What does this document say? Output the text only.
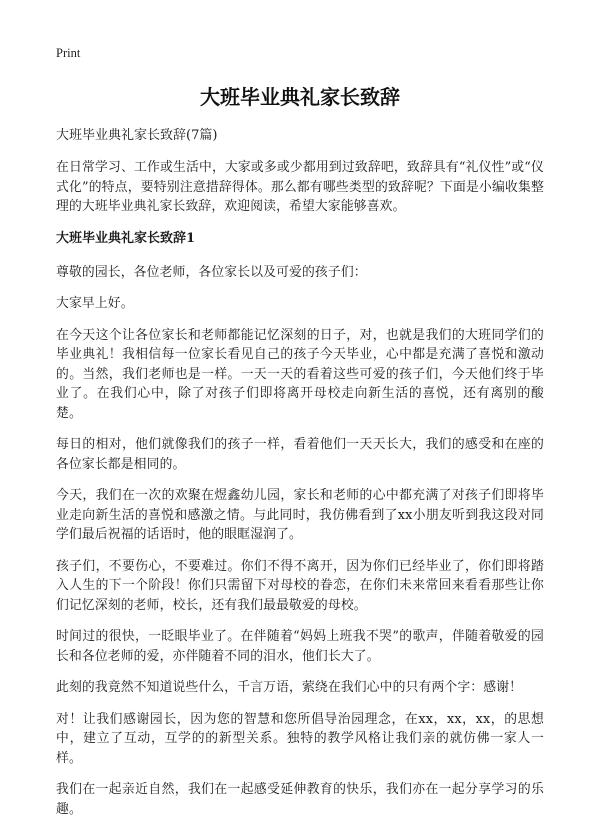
Print
大班毕业典礼家长致辞
大班毕业典礼家长致辞(7篇)

在日常学习、工作或生活中，大家或多或少都用到过致辞吧，致辞具有“礼仪性”或“仪式化”的特点，要特别注意措辞得体。那么都有哪些类型的致辞呢？下面是小编收集整理的大班毕业典礼家长致辞，欢迎阅读，希望大家能够喜欢。

大班毕业典礼家长致辞1

尊敬的园长，各位老师，各位家长以及可爱的孩子们：

大家早上好。

在今天这个让各位家长和老师都能记忆深刻的日子，对，也就是我们的大班同学们的毕业典礼！我相信每一位家长看见自己的孩子今天毕业，心中都是充满了喜悦和激动的。当然，我们老师也是一样。一天一天的看着这些可爱的孩子们，今天他们终于毕业了。在我们心中，除了对孩子们即将离开母校走向新生活的喜悦，还有离别的酸楚。

每日的相对，他们就像我们的孩子一样，看着他们一天天长大，我们的感受和在座的各位家长都是相同的。

今天，我们在一次的欢聚在煜鑫幼儿园，家长和老师的心中都充满了对孩子们即将毕业走向新生活的喜悦和感激之情。与此同时，我仿佛看到了xx小朋友听到我这段对同学们最后祝福的话语时，他的眼眶湿润了。

孩子们，不要伤心，不要难过。你们不得不离开，因为你们已经毕业了，你们即将踏入人生的下一个阶段！你们只需留下对母校的眷恋，在你们未来常回来看看那些让你们记忆深刻的老师，校长，还有我们最最敬爱的母校。

时间过的很快，一眨眼毕业了。在伴随着“妈妈上班我不哭”的歌声，伴随着敬爱的园长和各位老师的爱，亦伴随着不同的泪水，他们长大了。

此刻的我竟然不知道说些什么，千言万语，萦绕在我们心中的只有两个字：感谢！

对！让我们感谢园长，因为您的智慧和您所倡导治园理念，在xx，xx，xx，的思想中，建立了互动，互学的的新型关系。独特的教学风格让我们亲的就仿佛一家人一样。

我们在一起亲近自然，我们在一起感受延伸教育的快乐，我们亦在一起分享学习的乐趣。
